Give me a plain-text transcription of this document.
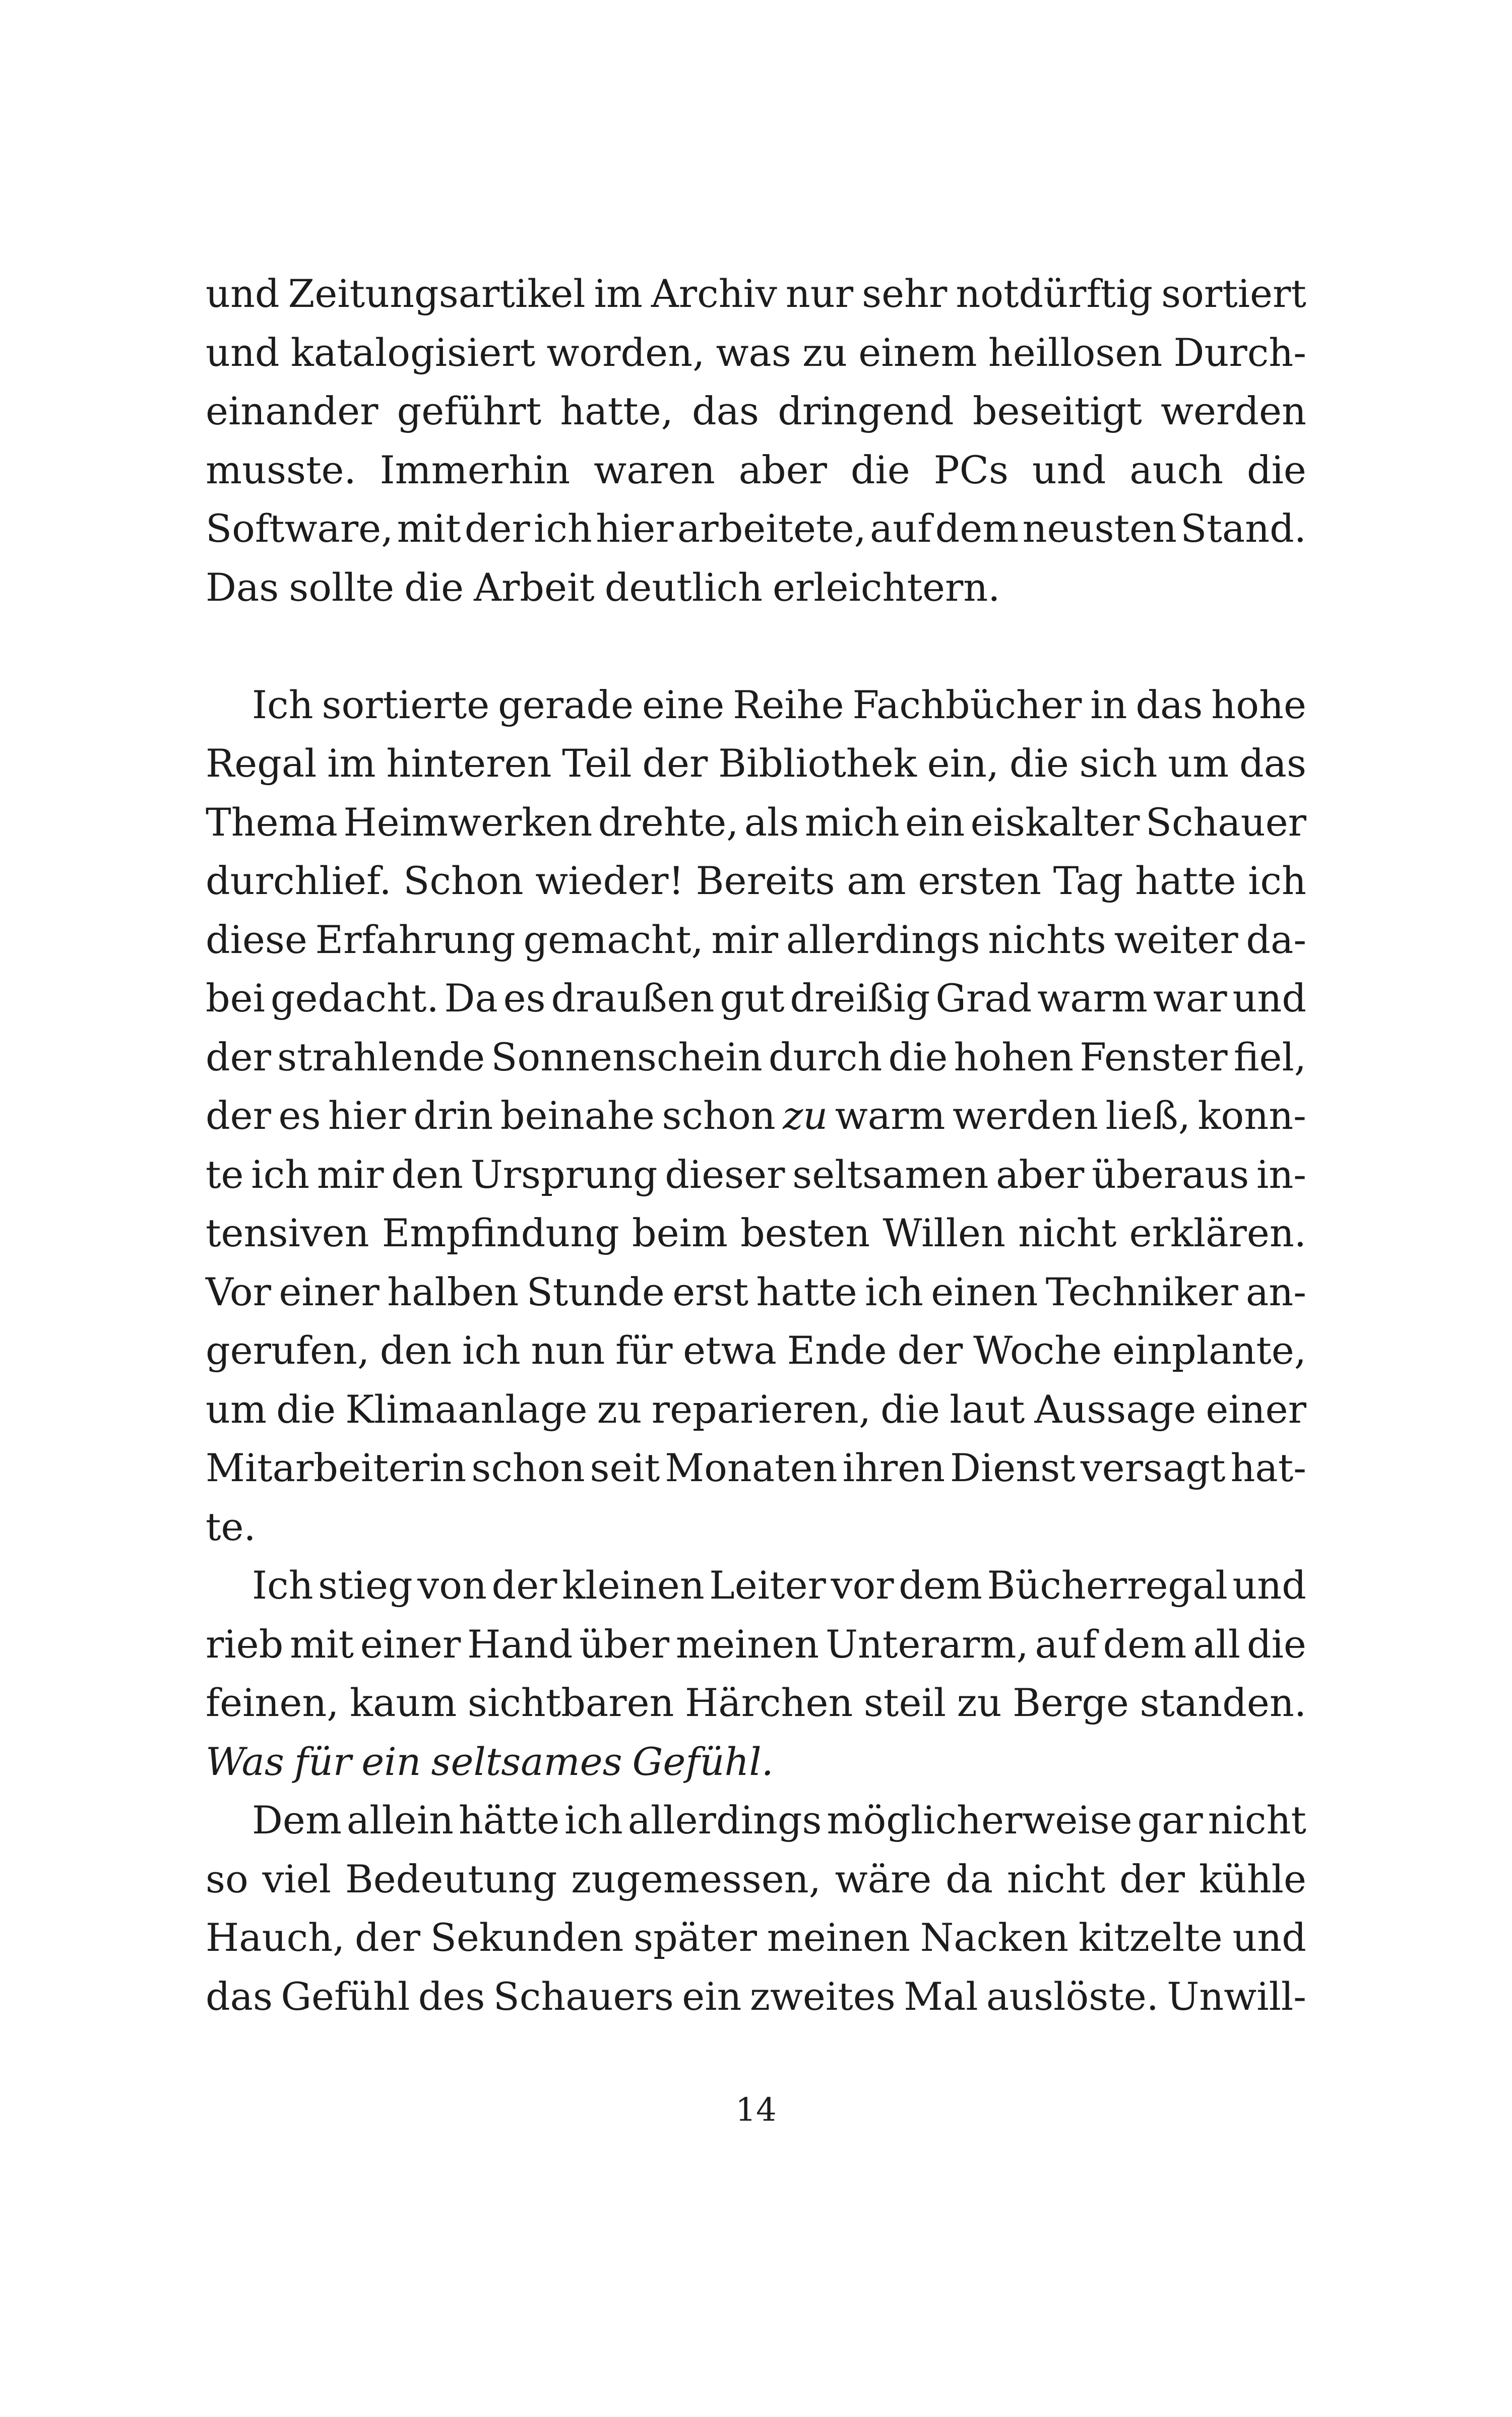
und Zeitungsartikel im Archiv nur sehr notdürftig sortiert
und katalogisiert worden, was zu einem heillosen Durch-
einander geführt hatte, das dringend beseitigt werden
musste. Immerhin waren aber die PCs und auch die
Software, mit der ich hier arbeitete, auf dem neusten Stand.
Das sollte die Arbeit deutlich erleichtern.
Ich sortierte gerade eine Reihe Fachbücher in das hohe
Regal im hinteren Teil der Bibliothek ein, die sich um das
Thema Heimwerken drehte, als mich ein eiskalter Schauer
durchlief. Schon wieder! Bereits am ersten Tag hatte ich
diese Erfahrung gemacht, mir allerdings nichts weiter da-
bei gedacht. Da es draußen gut dreißig Grad warm war und
der strahlende Sonnenschein durch die hohen Fenster fiel,
der es hier drin beinahe schon zu warm werden ließ, konn-
te ich mir den Ursprung dieser seltsamen aber überaus in-
tensiven Empfindung beim besten Willen nicht erklären.
Vor einer halben Stunde erst hatte ich einen Techniker an-
gerufen, den ich nun für etwa Ende der Woche einplante,
um die Klimaanlage zu reparieren, die laut Aussage einer
Mitarbeiterin schon seit Monaten ihren Dienst versagt hat-
te.
Ich stieg von der kleinen Leiter vor dem Bücherregal und
rieb mit einer Hand über meinen Unterarm, auf dem all die
feinen, kaum sichtbaren Härchen steil zu Berge standen.
Was für ein seltsames Gefühl.
Dem allein hätte ich allerdings möglicherweise gar nicht
so viel Bedeutung zugemessen, wäre da nicht der kühle
Hauch, der Sekunden später meinen Nacken kitzelte und
das Gefühl des Schauers ein zweites Mal auslöste. Unwill-
14
